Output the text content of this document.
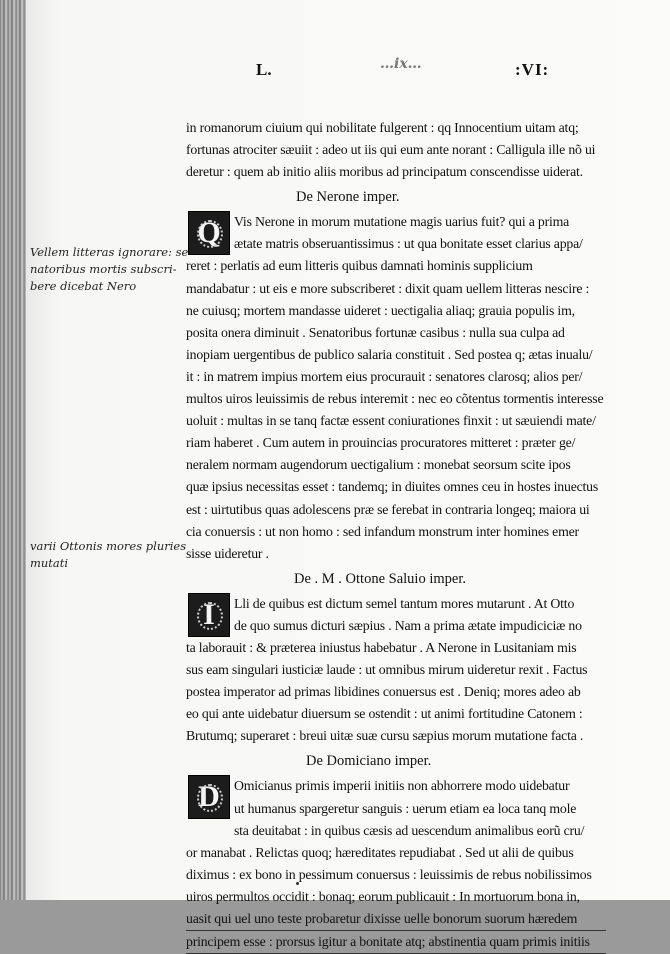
L.	…ix…	:VI:
in romanorum ciuium qui nobilitate fulgerent : qq Innocentium uitam atq;
fortunas atrociter sæuiit : adeo ut iis qui eum ante norant : Calligula ille nõ ui
deretur : quem ab initio aliis moribus ad principatum conscendisse uiderat.
De Nerone imper.
Q Vis Nerone in morum mutatione magis uarius fuit? qui a prima
ætate matris obseruantissimus : ut qua bonitate esset clarius appa/
reret : perlatis ad eum litteris quibus damnati hominis supplicium
mandabatur : ut eis e more subscriberet : dixit quam uellem litteras nescire :
ne cuiusq; mortem mandasse uideret : uectigalia aliaq; grauia populis im,
posita onera diminuit . Senatoribus fortunæ casibus : nulla sua culpa ad
inopiam uergentibus de publico salaria constituit . Sed postea q; ætas inualu/
it : in matrem impius mortem eius procurauit : senatores clarosq; alios per/
multos uiros leuissimis de rebus interemit : nec eo cõtentus tormentis interesse
uoluit : multas in se tanq factæ essent coniurationes finxit : ut sæuiendi mate/
riam haberet . Cum autem in prouincias procuratores mitteret : præter ge/
neralem normam augendorum uectigalium : monebat seorsum scite ipos
quæ ipsius necessitas esset : tandemq; in diuites omnes ceu in hostes inuectus
est : uirtutibus quas adolescens præ se ferebat in contraria longeq; maiora ui
cia conuersis : ut non homo : sed infandum monstrum inter homines emer
sisse uideretur .
De . M . Ottone Saluio imper.
I	Lli de quibus est dictum semel tantum mores mutarunt . At Otto
de quo sumus dicturi sæpius . Nam a prima ætate impudiciciæ no
ta laborauit : & præterea iniustus habebatur . A Nerone in Lusitaniam mis
sus eam singulari iusticiæ laude : ut omnibus mirum uideretur rexit . Factus
postea imperator ad primas libidines conuersus est . Deniq; mores adeo ab
eo qui ante uidebatur diuersum se ostendit : ut animi fortitudine Catonem :
Brutumq; superaret : breui uitæ suæ cursu sæpius morum mutatione facta .
De Domiciano imper.
D	Omicianus primis imperii initiis non abhorrere modo uidebatur
ut humanus spargeretur sanguis : uerum etiam ea loca tanq mole
sta deuitabat : in quibus cæsis ad uescendum animalibus eorũ cru/
or manabat . Relictas quoq; hæreditates repudiabat . Sed ut alii de quibus
diximus : ex bono in pessimum conuersus : leuissimis de rebus nobilissimos
uiros permultos occidit : bonaq; eorum publicauit : In mortuorum bona in,
uasit qui uel uno teste probaretur dixisse uelle bonorum suorum hæredem
principem esse : prorsus igitur a bonitate atq; abstinentia quam primis initiis
Vellem litteras ignorare: se
natoribus mortis subscri-
bere dicebat Nero
varii Ottonis mores pluries
mutati
